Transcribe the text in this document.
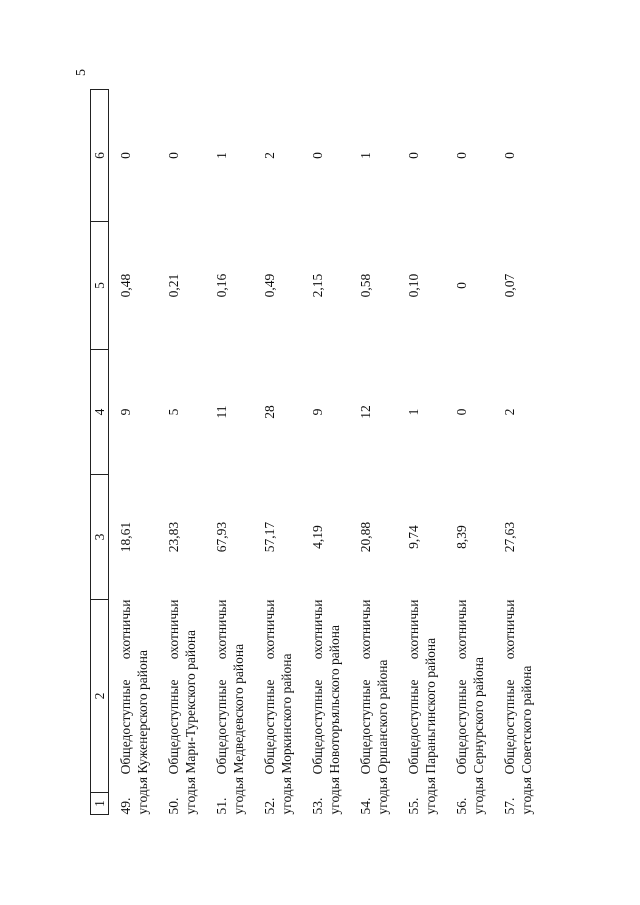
5
1	2	3	4	5	6

49. Общедоступные охотничьи угодья Куженерского района		18,61	9	0,48	0

50. Общедоступные охотничьи угодья Мари-Турекского района		23,83	5	0,21	0

51. Общедоступные охотничьи угодья Медведевского района		67,93	11	0,16	1

52. Общедоступные охотничьи угодья Моркинского района		57,17	28	0,49	2

53. Общедоступные охотничьи угодья Новоторъяльского района		4,19	9	2,15	0

54. Общедоступные охотничьи угодья Оршанского района		20,88	12	0,58	1

55. Общедоступные охотничьи угодья Параньгинского района		9,74	1	0,10	0

56. Общедоступные охотничьи угодья Сернурского района		8,39	0	0	0

57. Общедоступные охотничьи угодья Советского района		27,63	2	0,07	0
